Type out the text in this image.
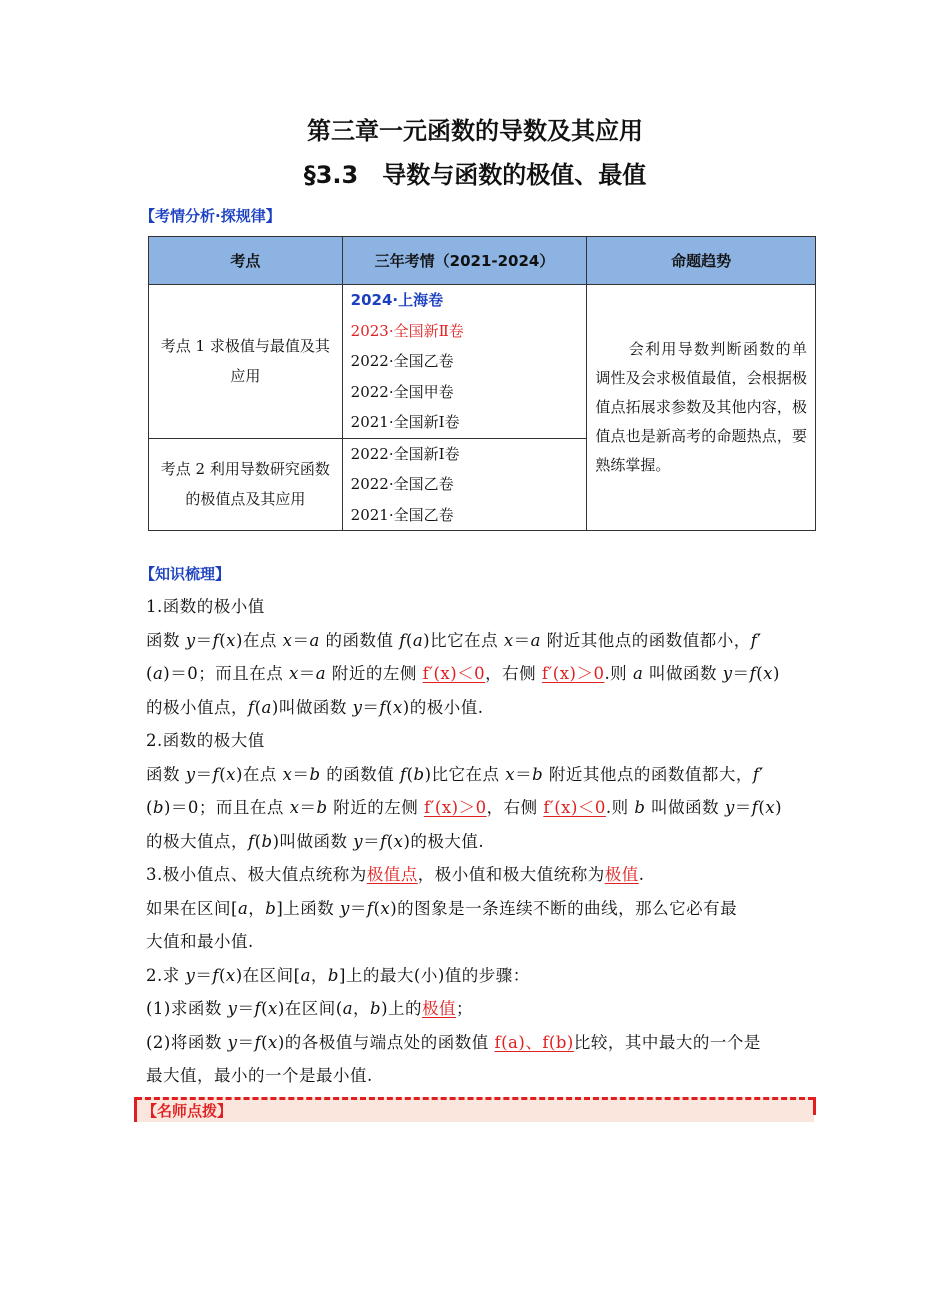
第三章一元函数的导数及其应用
§3.3　导数与函数的极值、最值
【考情分析·探规律】
考点	三年考情（2021-2024）	命题趋势
考点 1 求极值与最值及其应用	2024·上海卷
2023·全国新Ⅱ卷
2022·全国乙卷
2022·全国甲卷
2021·全国新Ⅰ卷	会利用导数判断函数的单调性及会求极值最值，会根据极值点拓展求参数及其他内容，极值点也是新高考的命题热点，要熟练掌握。
考点 2 利用导数研究函数的极值点及其应用	2022·全国新Ⅰ卷
2022·全国乙卷
2021·全国乙卷	
【知识梳理】

1.函数的极小值

函数 y＝f(x)在点 x＝a 的函数值 f(a)比它在点 x＝a 附近其他点的函数值都小，f′

(a)＝0；而且在点 x＝a 附近的左侧 f′(x)＜0，右侧 f′(x)＞0.则 a 叫做函数 y＝f(x)

的极小值点，f(a)叫做函数 y＝f(x)的极小值.

2.函数的极大值

函数 y＝f(x)在点 x＝b 的函数值 f(b)比它在点 x＝b 附近其他点的函数值都大，f′

(b)＝0；而且在点 x＝b 附近的左侧 f′(x)＞0，右侧 f′(x)＜0.则 b 叫做函数 y＝f(x)

的极大值点，f(b)叫做函数 y＝f(x)的极大值.

3.极小值点、极大值点统称为极值点，极小值和极大值统称为极值.

如果在区间[a，b]上函数 y＝f(x)的图象是一条连续不断的曲线，那么它必有最

大值和最小值.

2.求 y＝f(x)在区间[a，b]上的最大(小)值的步骤：

(1)求函数 y＝f(x)在区间(a，b)上的极值；

(2)将函数 y＝f(x)的各极值与端点处的函数值 f(a)、f(b)比较，其中最大的一个是

最大值，最小的一个是最小值.

【名师点拨】
